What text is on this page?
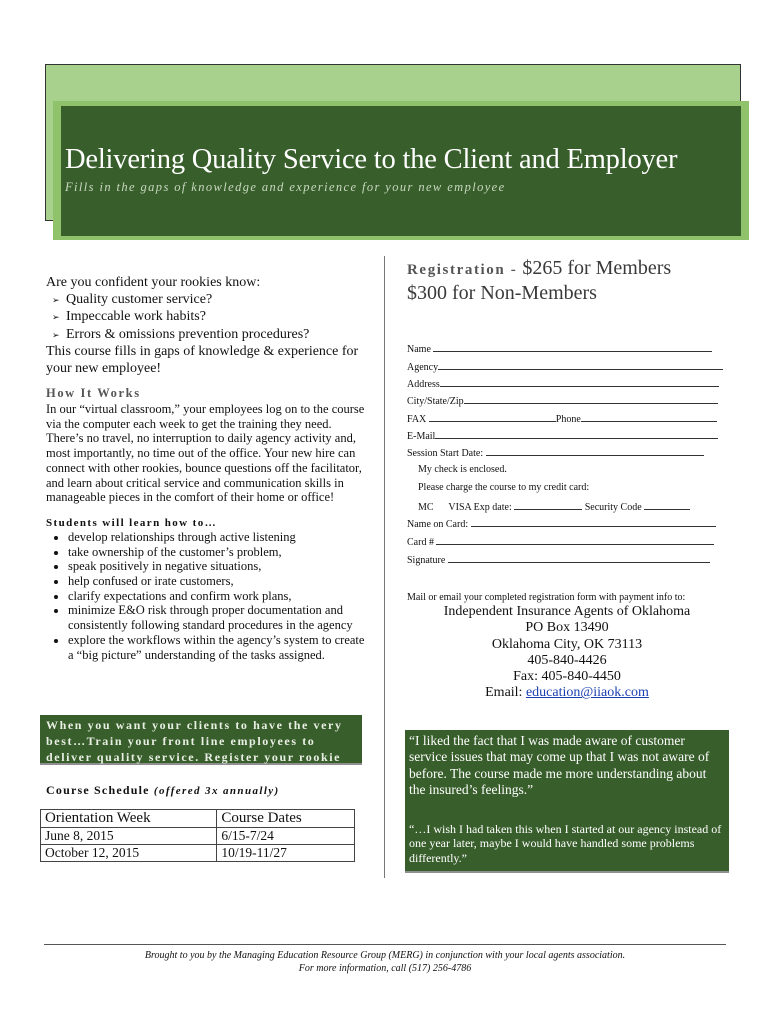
Delivering Quality Service to the Client and Employer
Fills in the gaps of knowledge and experience for your new employee
Are you confident your rookies know:
➢ Quality customer service?
➢ Impeccable work habits?
➢ Errors & omissions prevention procedures?
This course fills in gaps of knowledge & experience for your new employee!
How It Works
In our “virtual classroom,” your employees log on to the course via the computer each week to get the training they need. There’s no travel, no interruption to daily agency activity and, most importantly, no time out of the office. Your new hire can connect with other rookies, bounce questions off the facilitator, and learn about critical service and communication skills in manageable pieces in the comfort of their home or office!
Students will learn how to…
• develop relationships through active listening
• take ownership of the customer’s problem,
• speak positively in negative situations,
• help confused or irate customers,
• clarify expectations and confirm work plans,
• minimize E&O risk through proper documentation and consistently following standard procedures in the agency
• explore the workflows within the agency’s system to create a “big picture” understanding of the tasks assigned.
When you want your clients to have the very best…Train your front line employees to deliver quality service. Register your rookie
Course Schedule (offered 3x annually)
Orientation Week	Course Dates
June 8, 2015	6/15-7/24
October 12, 2015	10/19-11/27
Registration - $265 for Members
$300 for Non-Members
Name
Agency
Address
City/State/Zip
FAX	Phone
E-Mail
Session Start Date:
My check is enclosed.
Please charge the course to my credit card:
MC VISA Exp date:	Security Code
Name on Card:
Card #
Signature
Mail or email your completed registration form with payment info to:
Independent Insurance Agents of Oklahoma
PO Box 13490
Oklahoma City, OK 73113
405-840-4426
Fax: 405-840-4450
Email: education@iiaok.com
“I liked the fact that I was made aware of customer service issues that may come up that I was not aware of before. The course made me more understanding about the insured’s feelings.”
“…I wish I had taken this when I started at our agency instead of one year later, maybe I would have handled some problems differently.”
Brought to you by the Managing Education Resource Group (MERG) in conjunction with your local agents association.
For more information, call (517) 256-4786
